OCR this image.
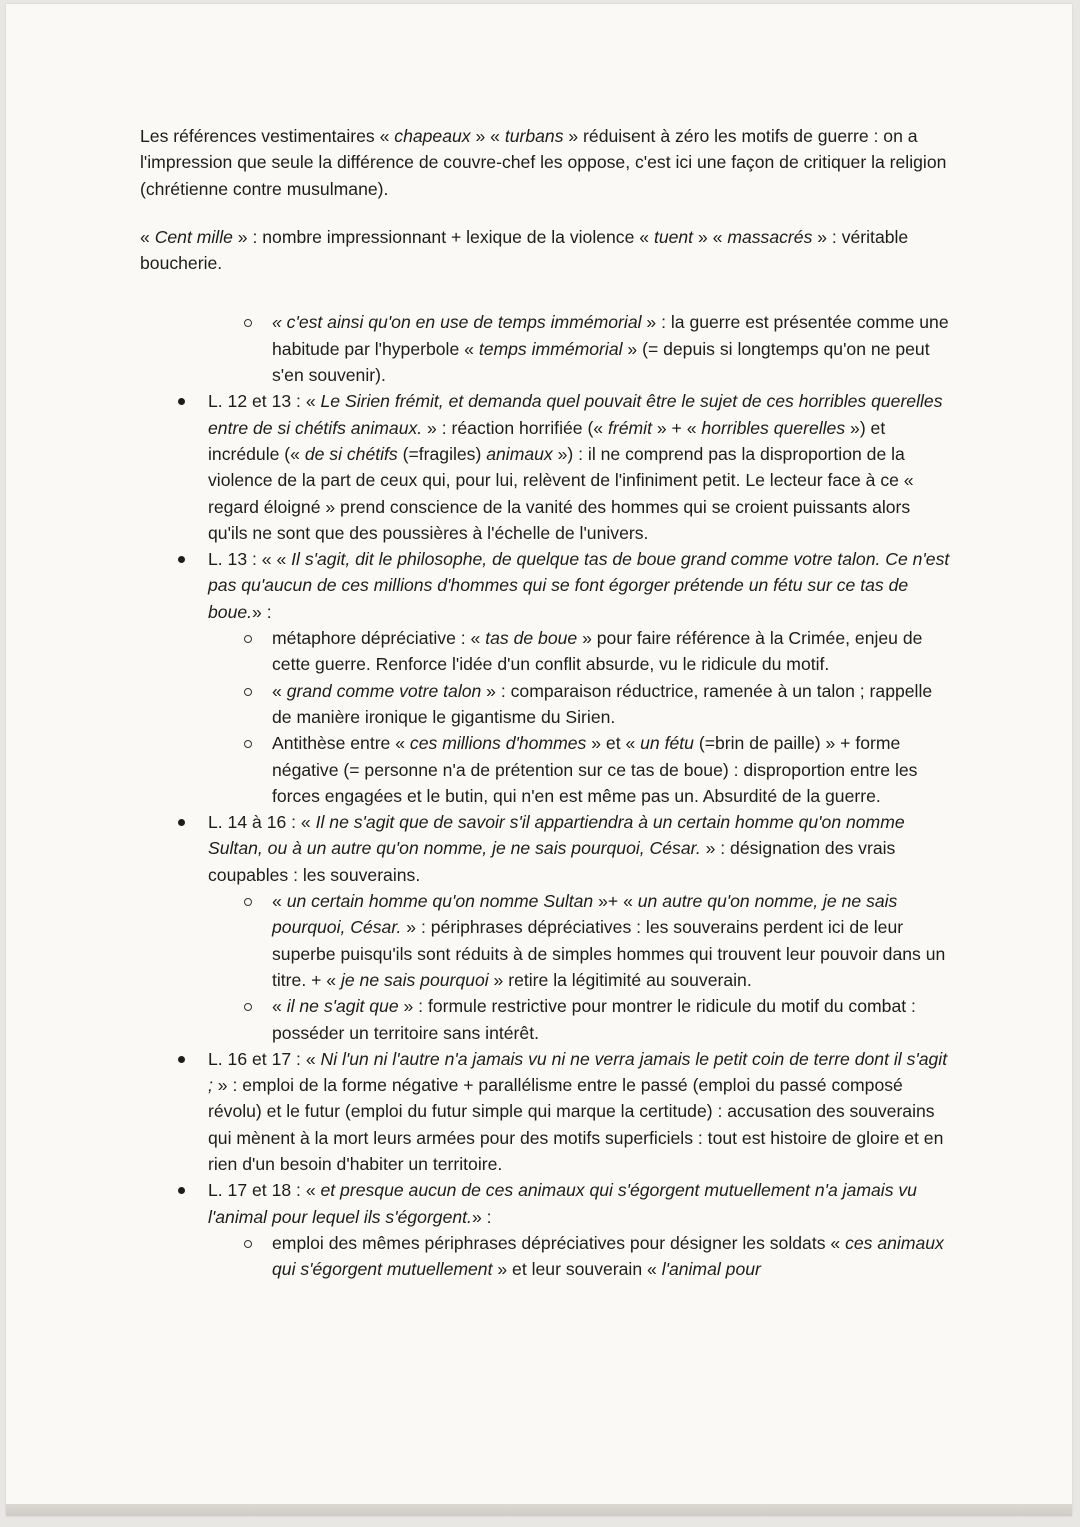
Les références vestimentaires « chapeaux » « turbans » réduisent à zéro les motifs de guerre : on a l'impression que seule la différence de couvre-chef les oppose, c'est ici une façon de critiquer la religion (chrétienne contre musulmane).

« Cent mille » : nombre impressionnant + lexique de la violence « tuent » « massacrés » : véritable boucherie.

« c'est ainsi qu'on en use de temps immémorial » : la guerre est présentée comme une habitude par l'hyperbole « temps immémorial » (= depuis si longtemps qu'on ne peut s'en souvenir).
L. 12 et 13 : « Le Sirien frémit, et demanda quel pouvait être le sujet de ces horribles querelles entre de si chétifs animaux. » : réaction horrifiée (« frémit » + « horribles querelles ») et incrédule (« de si chétifs (=fragiles) animaux ») : il ne comprend pas la disproportion de la violence de la part de ceux qui, pour lui, relèvent de l'infiniment petit. Le lecteur face à ce « regard éloigné » prend conscience de la vanité des hommes qui se croient puissants alors qu'ils ne sont que des poussières à l'échelle de l'univers.
L. 13 : « « Il s'agit, dit le philosophe, de quelque tas de boue grand comme votre talon. Ce n'est pas qu'aucun de ces millions d'hommes qui se font égorger prétende un fétu sur ce tas de boue.» :
métaphore dépréciative : « tas de boue » pour faire référence à la Crimée, enjeu de cette guerre. Renforce l'idée d'un conflit absurde, vu le ridicule du motif.
« grand comme votre talon » : comparaison réductrice, ramenée à un talon ; rappelle de manière ironique le gigantisme du Sirien.
Antithèse entre « ces millions d'hommes » et « un fétu (=brin de paille) » + forme négative (= personne n'a de prétention sur ce tas de boue) : disproportion entre les forces engagées et le butin, qui n'en est même pas un. Absurdité de la guerre.
L. 14 à 16 : « Il ne s'agit que de savoir s'il appartiendra à un certain homme qu'on nomme Sultan, ou à un autre qu'on nomme, je ne sais pourquoi, César. » : désignation des vrais coupables : les souverains.
« un certain homme qu'on nomme Sultan »+ « un autre qu'on nomme, je ne sais pourquoi, César. » : périphrases dépréciatives : les souverains perdent ici de leur superbe puisqu'ils sont réduits à de simples hommes qui trouvent leur pouvoir dans un titre. + « je ne sais pourquoi » retire la légitimité au souverain.
« il ne s'agit que » : formule restrictive pour montrer le ridicule du motif du combat : posséder un territoire sans intérêt.
L. 16 et 17 : « Ni l'un ni l'autre n'a jamais vu ni ne verra jamais le petit coin de terre dont il s'agit ; » : emploi de la forme négative + parallélisme entre le passé (emploi du passé composé révolu) et le futur (emploi du futur simple qui marque la certitude) : accusation des souverains qui mènent à la mort leurs armées pour des motifs superficiels : tout est histoire de gloire et en rien d'un besoin d'habiter un territoire.
L. 17 et 18 : « et presque aucun de ces animaux qui s'égorgent mutuellement n'a jamais vu l'animal pour lequel ils s'égorgent.» :
emploi des mêmes périphrases dépréciatives pour désigner les soldats « ces animaux qui s'égorgent mutuellement » et leur souverain « l'animal pour
